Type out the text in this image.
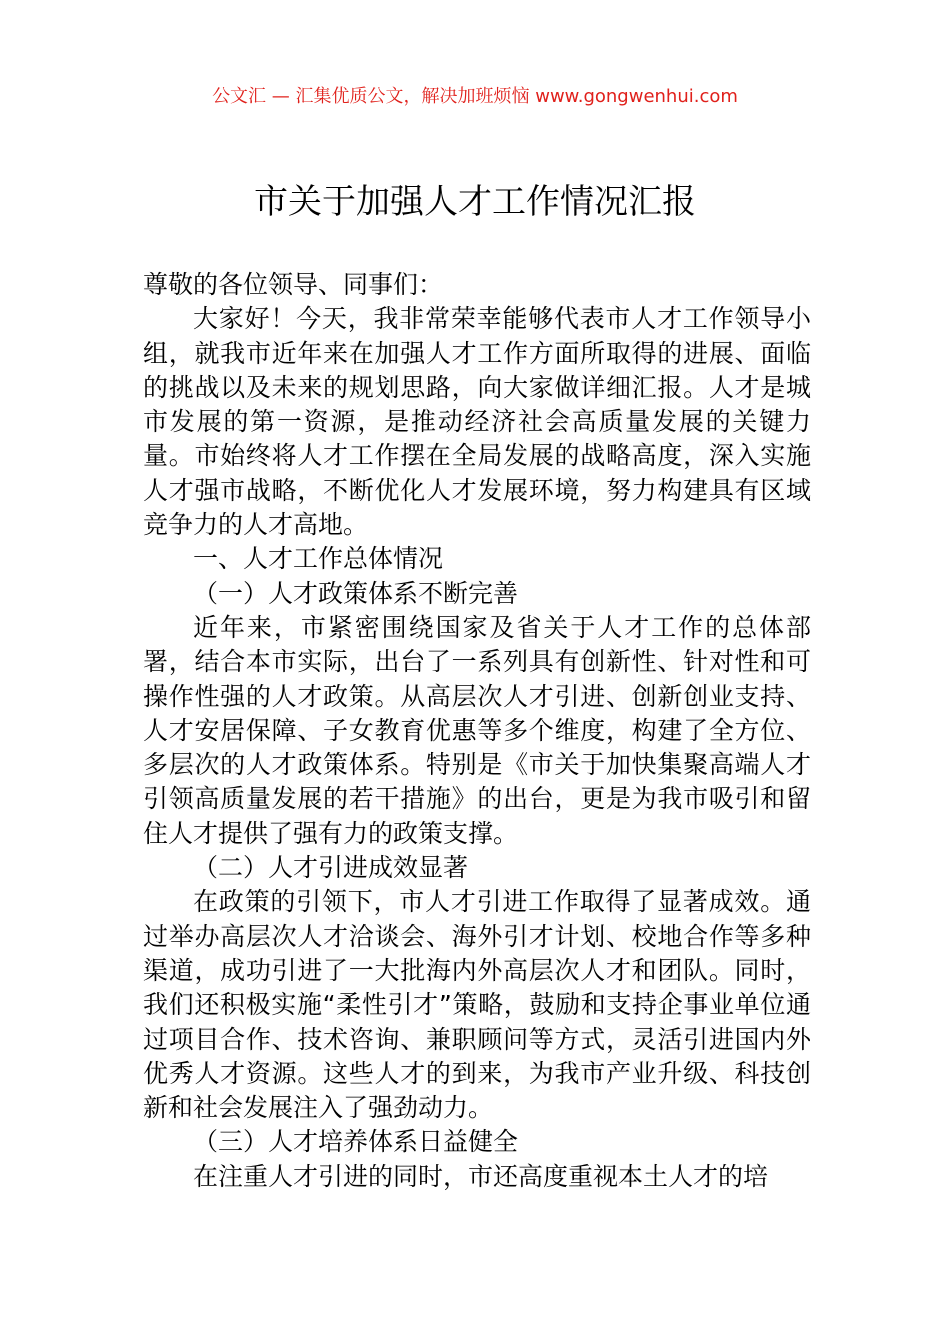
公文汇 — 汇集优质公文，解决加班烦恼 www.gongwenhui.com
市关于加强人才工作情况汇报

尊敬的各位领导、同事们：

大家好！今天，我非常荣幸能够代表市人才工作领导小组，就我市近年来在加强人才工作方面所取得的进展、面临的挑战以及未来的规划思路，向大家做详细汇报。人才是城市发展的第一资源，是推动经济社会高质量发展的关键力量。市始终将人才工作摆在全局发展的战略高度，深入实施人才强市战略，不断优化人才发展环境，努力构建具有区域竞争力的人才高地。

一、人才工作总体情况

（一）人才政策体系不断完善

近年来，市紧密围绕国家及省关于人才工作的总体部署，结合本市实际，出台了一系列具有创新性、针对性和可操作性强的人才政策。从高层次人才引进、创新创业支持、人才安居保障、子女教育优惠等多个维度，构建了全方位、多层次的人才政策体系。特别是《市关于加快集聚高端人才引领高质量发展的若干措施》的出台，更是为我市吸引和留住人才提供了强有力的政策支撑。

（二）人才引进成效显著

在政策的引领下，市人才引进工作取得了显著成效。通过举办高层次人才洽谈会、海外引才计划、校地合作等多种渠道，成功引进了一大批海内外高层次人才和团队。同时，我们还积极实施“柔性引才”策略，鼓励和支持企事业单位通过项目合作、技术咨询、兼职顾问等方式，灵活引进国内外优秀人才资源。这些人才的到来，为我市产业升级、科技创新和社会发展注入了强劲动力。

（三）人才培养体系日益健全

在注重人才引进的同时，市还高度重视本土人才的培
